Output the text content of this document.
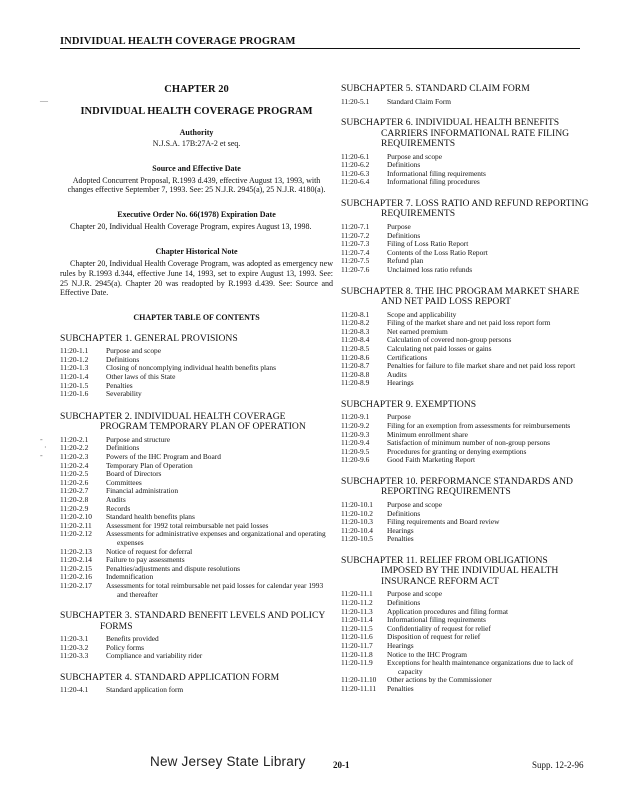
INDIVIDUAL HEALTH COVERAGE PROGRAM
—
-
·
-

CHAPTER 20

INDIVIDUAL HEALTH COVERAGE PROGRAM

Authority

N.J.S.A. 17B:27A-2 et seq.

Source and Effective Date

Adopted Concurrent Proposal, R.1993 d.439, effective August 13, 1993, with changes effective September 7, 1993. See: 25 N.J.R. 2945(a), 25 N.J.R. 4180(a).

Executive Order No. 66(1978) Expiration Date

Chapter 20, Individual Health Coverage Program, expires August 13, 1998.

Chapter Historical Note

Chapter 20, Individual Health Coverage Program, was adopted as emergency new rules by R.1993 d.344, effective June 14, 1993, set to expire August 13, 1993. See: 25 N.J.R. 2945(a). Chapter 20 was readopted by R.1993 d.439. See: Source and Effective Date.

CHAPTER TABLE OF CONTENTS

SUBCHAPTER 1. GENERAL PROVISIONS

11:20-1.1	Purpose and scope
11:20-1.2	Definitions
11:20-1.3	Closing of noncomplying individual health benefits plans
11:20-1.4	Other laws of this State
11:20-1.5	Penalties
11:20-1.6	Severability

SUBCHAPTER 2. INDIVIDUAL HEALTH COVERAGE PROGRAM TEMPORARY PLAN OF OPERATION

11:20-2.1	Purpose and structure
11:20-2.2	Definitions
11:20-2.3	Powers of the IHC Program and Board
11:20-2.4	Temporary Plan of Operation
11:20-2.5	Board of Directors
11:20-2.6	Committees
11:20-2.7	Financial administration
11:20-2.8	Audits
11:20-2.9	Records
11:20-2.10	Standard health benefits plans
11:20-2.11	Assessment for 1992 total reimbursable net paid losses
11:20-2.12	Assessments for administrative expenses and organizational and operating expenses
11:20-2.13	Notice of request for deferral
11:20-2.14	Failure to pay assessments
11:20-2.15	Penalties/adjustments and dispute resolutions
11:20-2.16	Indemnification
11:20-2.17	Assessments for total reimbursable net paid losses for calendar year 1993 and thereafter

SUBCHAPTER 3. STANDARD BENEFIT LEVELS AND POLICY FORMS

11:20-3.1	Benefits provided
11:20-3.2	Policy forms
11:20-3.3	Compliance and variability rider

SUBCHAPTER 4. STANDARD APPLICATION FORM

11:20-4.1	Standard application form

SUBCHAPTER 5. STANDARD CLAIM FORM

11:20-5.1	Standard Claim Form

SUBCHAPTER 6. INDIVIDUAL HEALTH BENEFITS CARRIERS INFORMATIONAL RATE FILING REQUIREMENTS

11:20-6.1	Purpose and scope
11:20-6.2	Definitions
11:20-6.3	Informational filing requirements
11:20-6.4	Informational filing procedures

SUBCHAPTER 7. LOSS RATIO AND REFUND REPORTING REQUIREMENTS

11:20-7.1	Purpose
11:20-7.2	Definitions
11:20-7.3	Filing of Loss Ratio Report
11:20-7.4	Contents of the Loss Ratio Report
11:20-7.5	Refund plan
11:20-7.6	Unclaimed loss ratio refunds

SUBCHAPTER 8. THE IHC PROGRAM MARKET SHARE AND NET PAID LOSS REPORT

11:20-8.1	Scope and applicability
11:20-8.2	Filing of the market share and net paid loss report form
11:20-8.3	Net earned premium
11:20-8.4	Calculation of covered non-group persons
11:20-8.5	Calculating net paid losses or gains
11:20-8.6	Certifications
11:20-8.7	Penalties for failure to file market share and net paid loss report
11:20-8.8	Audits
11:20-8.9	Hearings

SUBCHAPTER 9. EXEMPTIONS

11:20-9.1	Purpose
11:20-9.2	Filing for an exemption from assessments for reimbursements
11:20-9.3	Minimum enrollment share
11:20-9.4	Satisfaction of minimum number of non-group persons
11:20-9.5	Procedures for granting or denying exemptions
11:20-9.6	Good Faith Marketing Report

SUBCHAPTER 10. PERFORMANCE STANDARDS AND REPORTING REQUIREMENTS

11:20-10.1	Purpose and scope
11:20-10.2	Definitions
11:20-10.3	Filing requirements and Board review
11:20-10.4	Hearings
11:20-10.5	Penalties

SUBCHAPTER 11. RELIEF FROM OBLIGATIONS IMPOSED BY THE INDIVIDUAL HEALTH INSURANCE REFORM ACT

11:20-11.1	Purpose and scope
11:20-11.2	Definitions
11:20-11.3	Application procedures and filing format
11:20-11.4	Informational filing requirements
11:20-11.5	Confidentiality of request for relief
11:20-11.6	Disposition of request for relief
11:20-11.7	Hearings
11:20-11.8	Notice to the IHC Program
11:20-11.9	Exceptions for health maintenance organizations due to lack of capacity
11:20-11.10	Other actions by the Commissioner
11:20-11.11	Penalties
New Jersey State Library	20-1	Supp. 12-2-96
